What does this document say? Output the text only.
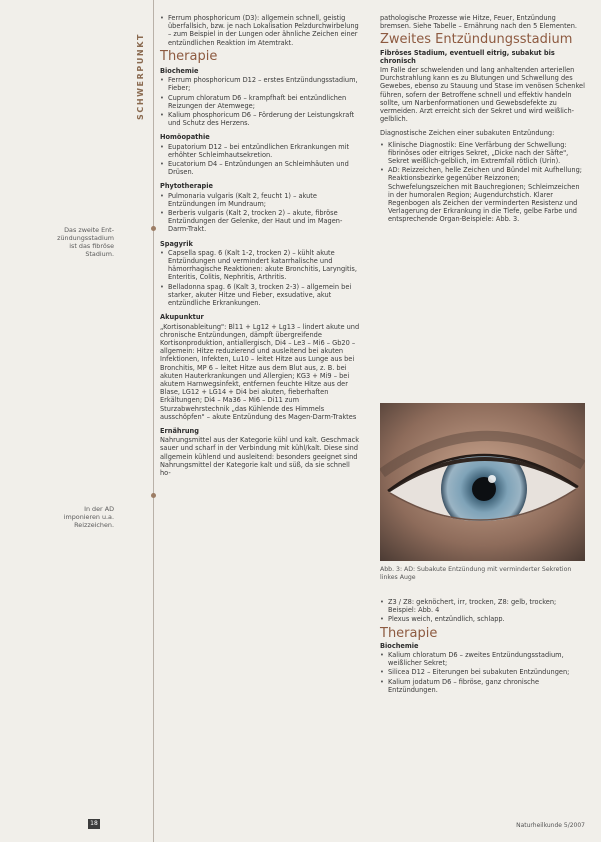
Das zweite Ent-
zündungsstadium
ist das fibröse
Stadium.
In der AD
imponieren u.a.
Reizzeichen.
SCHWERPUNKT
• Ferrum phosphoricum (D3): allgemein schnell, geistig überfallsich, bzw. je nach Lokalisation Pelzdurchwirbelung – zum Beispiel in der Lungen oder ähnliche Zeichen einer entzündlichen Reaktion im Atemtrakt.
Therapie
Biochemie
• Ferrum phosphoricum D12 – erstes Entzündungsstadium, Fieber;
• Cuprum chloratum D6 – krampfhaft bei entzündlichen Reizungen der Atemwege;
• Kalium phosphoricum D6 – Förderung der Leistungskraft und Schutz des Herzens.
Homöopathie
• Eupatorium D12 – bei entzündlichen Erkrankungen mit erhöhter Schleimhautsekretion.
• Eucatorium D4 – Entzündungen an Schleimhäuten und Drüsen.
Phytotherapie
• Pulmonaria vulgaris (Kalt 2, feucht 1) – akute Entzündungen im Mundraum;
• Berberis vulgaris (Kalt 2, trocken 2) – akute, fibröse Entzündungen der Gelenke, der Haut und im Magen-Darm-Trakt.
Spagyrik
• Capsella spag. 6 (Kalt 1-2, trocken 2) – kühlt akute Entzündungen und vermindert katarrhalische und hämorrhagische Reaktionen: akute Bronchitis, Laryngitis, Enteritis, Colitis, Nephritis, Arthritis.
• Belladonna spag. 6 (Kalt 3, trocken 2-3) – allgemein bei starker, akuter Hitze und Fieber, exsudative, akut entzündliche Erkrankungen.
Akupunktur

„Kortisonableitung": Bl11 + Lg12 + Lg13 – lindert akute und chronische Entzündungen, dämpft übergreifende Kortisonproduktion, antiallergisch, Di4 – Le3 – Mi6 – Gb20 – allgemein: Hitze reduzierend und ausleitend bei akuten Infektionen, Infekten, Lu10 – leitet Hitze aus Lunge aus bei Bronchitis, MP 6 – leitet Hitze aus dem Blut aus, z. B. bei akuten Hauterkrankungen und Allergien; KG3 + Mi9 – bei akutem Harnwegsinfekt, entfernen feuchte Hitze aus der Blase, LG12 + LG14 + Di4 bei akuten, fieberhaften Erkältungen; Di4 – Ma36 – Mi6 – Di11 zum Sturzabwehrstechnik „das Kühlende des Himmels ausschöpfen" – akute Entzündung des Magen-Darm-Traktes

Ernährung

Nahrungsmittel aus der Kategorie kühl und kalt. Geschmack sauer und scharf in der Verbindung mit kühl/kalt. Diese sind allgemein kühlend und ausleitend: besonders geeignet sind Nahrungsmittel der Kategorie kalt und süß, da sie schnell ho-

pathologische Prozesse wie Hitze, Feuer, Entzündung bremsen. Siehe Tabelle – Ernährung nach den 5 Elementen.

Zweites Entzündungsstadium
Fibröses Stadium, eventuell eitrig, subakut bis chronisch

Im Falle der schwelenden und lang anhaltenden arteriellen Durchstrahlung kann es zu Blutungen und Schwellung des Gewebes, ebenso zu Stauung und Stase im venösen Schenkel führen, sofern der Betroffene schnell und effektiv handeln sollte, um Narbenformationen und Gewebsdefekte zu vermeiden. Arzt erreicht sich der Sekret und wird weißlich-gelblich.

Diagnostische Zeichen einer subakuten Entzündung:

• Klinische Diagnostik: Eine Verfärbung der Schwellung: fibrinöses oder eitriges Sekret, „Dicke nach der Säfte", Sekret weißlich-gelblich, im Extremfall rötlich (Urin).
• AD: Reizzeichen, helle Zeichen und Bündel mit Aufhellung; Reaktionsbezirke gegenüber Reizzonen; Schwefelungszeichen mit Bauchregionen; Schleimzeichen in der humoralen Region; Augendurchstich. Klarer Regenbogen als Zeichen der verminderten Resistenz und Verlagerung der Erkrankung in die Tiefe, gelbe Farbe und entsprechende Organ-Beispiele: Abb. 3.
Abb. 3: AD: Subakute Entzündung mit verminderter Sekretion linkes Auge
• Z3 / Z8: geknöchert, irr, trocken, Z8: gelb, trocken; Beispiel: Abb. 4
• Plexus weich, entzündlich, schlapp.
Therapie
Biochemie
• Kalium chloratum D6 – zweites Entzündungsstadium, weißlicher Sekret;
• Silicea D12 – Eiterungen bei subakuten Entzündungen;
• Kalium jodatum D6 – fibröse, ganz chronische Entzündungen.
18	Naturheilkunde 5/2007
